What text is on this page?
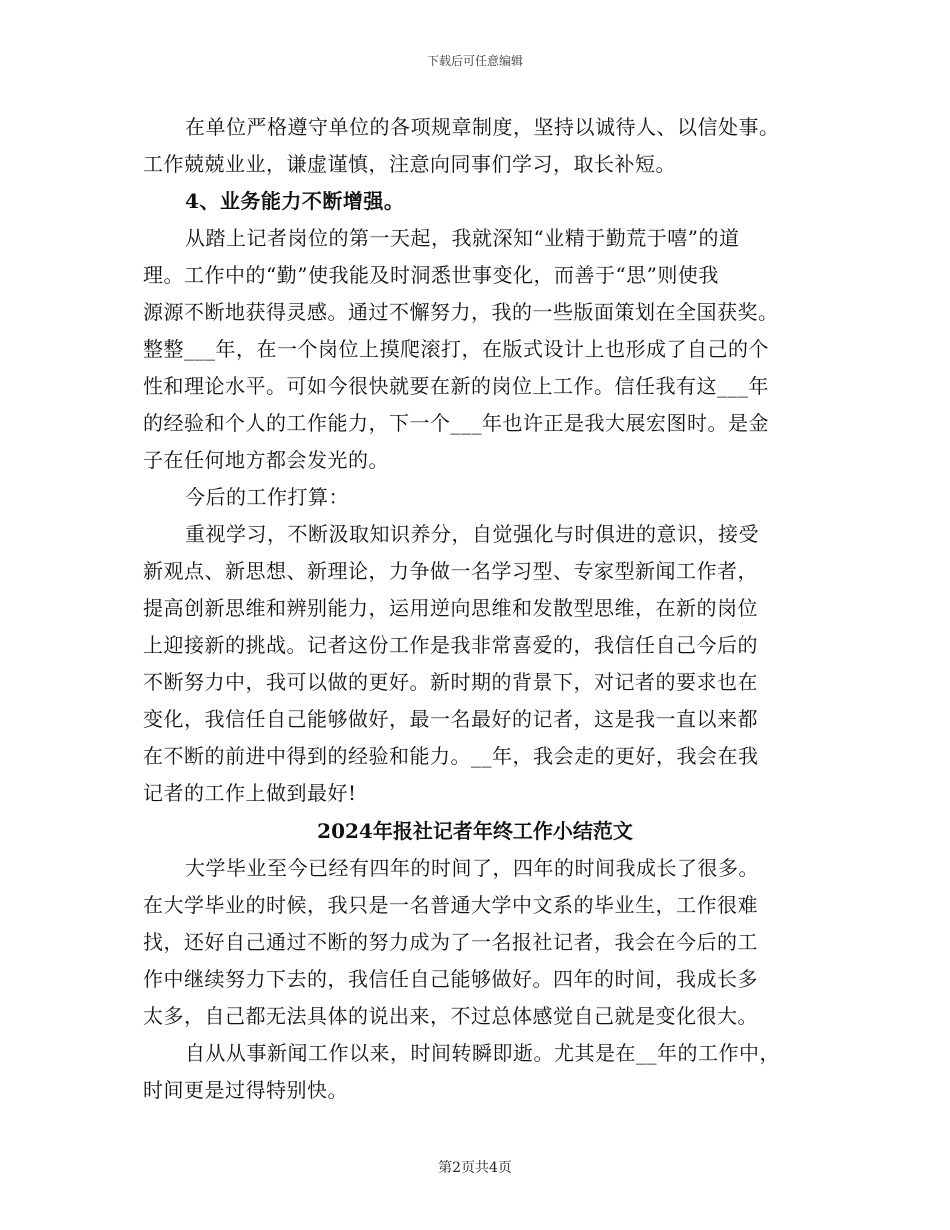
下载后可任意编辑
在单位严格遵守单位的各项规章制度，坚持以诚待人、以信处事。
工作兢兢业业，谦虚谨慎，注意向同事们学习，取长补短。
4、业务能力不断增强。
从踏上记者岗位的第一天起，我就深知“业精于勤荒于嘻”的道
理。工作中的“勤”使我能及时洞悉世事变化，而善于“思”则使我
源源不断地获得灵感。通过不懈努力，我的一些版面策划在全国获奖。
整整___年，在一个岗位上摸爬滚打，在版式设计上也形成了自己的个
性和理论水平。可如今很快就要在新的岗位上工作。信任我有这___年
的经验和个人的工作能力，下一个___年也许正是我大展宏图时。是金
子在任何地方都会发光的。
今后的工作打算：
重视学习，不断汲取知识养分，自觉强化与时俱进的意识，接受
新观点、新思想、新理论，力争做一名学习型、专家型新闻工作者，
提高创新思维和辨别能力，运用逆向思维和发散型思维，在新的岗位
上迎接新的挑战。记者这份工作是我非常喜爱的，我信任自己今后的
不断努力中，我可以做的更好。新时期的背景下，对记者的要求也在
变化，我信任自己能够做好，最一名最好的记者，这是我一直以来都
在不断的前进中得到的经验和能力。__年，我会走的更好，我会在我
记者的工作上做到最好!
2024年报社记者年终工作小结范文
大学毕业至今已经有四年的时间了，四年的时间我成长了很多。
在大学毕业的时候，我只是一名普通大学中文系的毕业生，工作很难
找，还好自己通过不断的努力成为了一名报社记者，我会在今后的工
作中继续努力下去的，我信任自己能够做好。四年的时间，我成长多
太多，自己都无法具体的说出来，不过总体感觉自己就是变化很大。
自从从事新闻工作以来，时间转瞬即逝。尤其是在__年的工作中，
时间更是过得特别快。
第2页共4页
